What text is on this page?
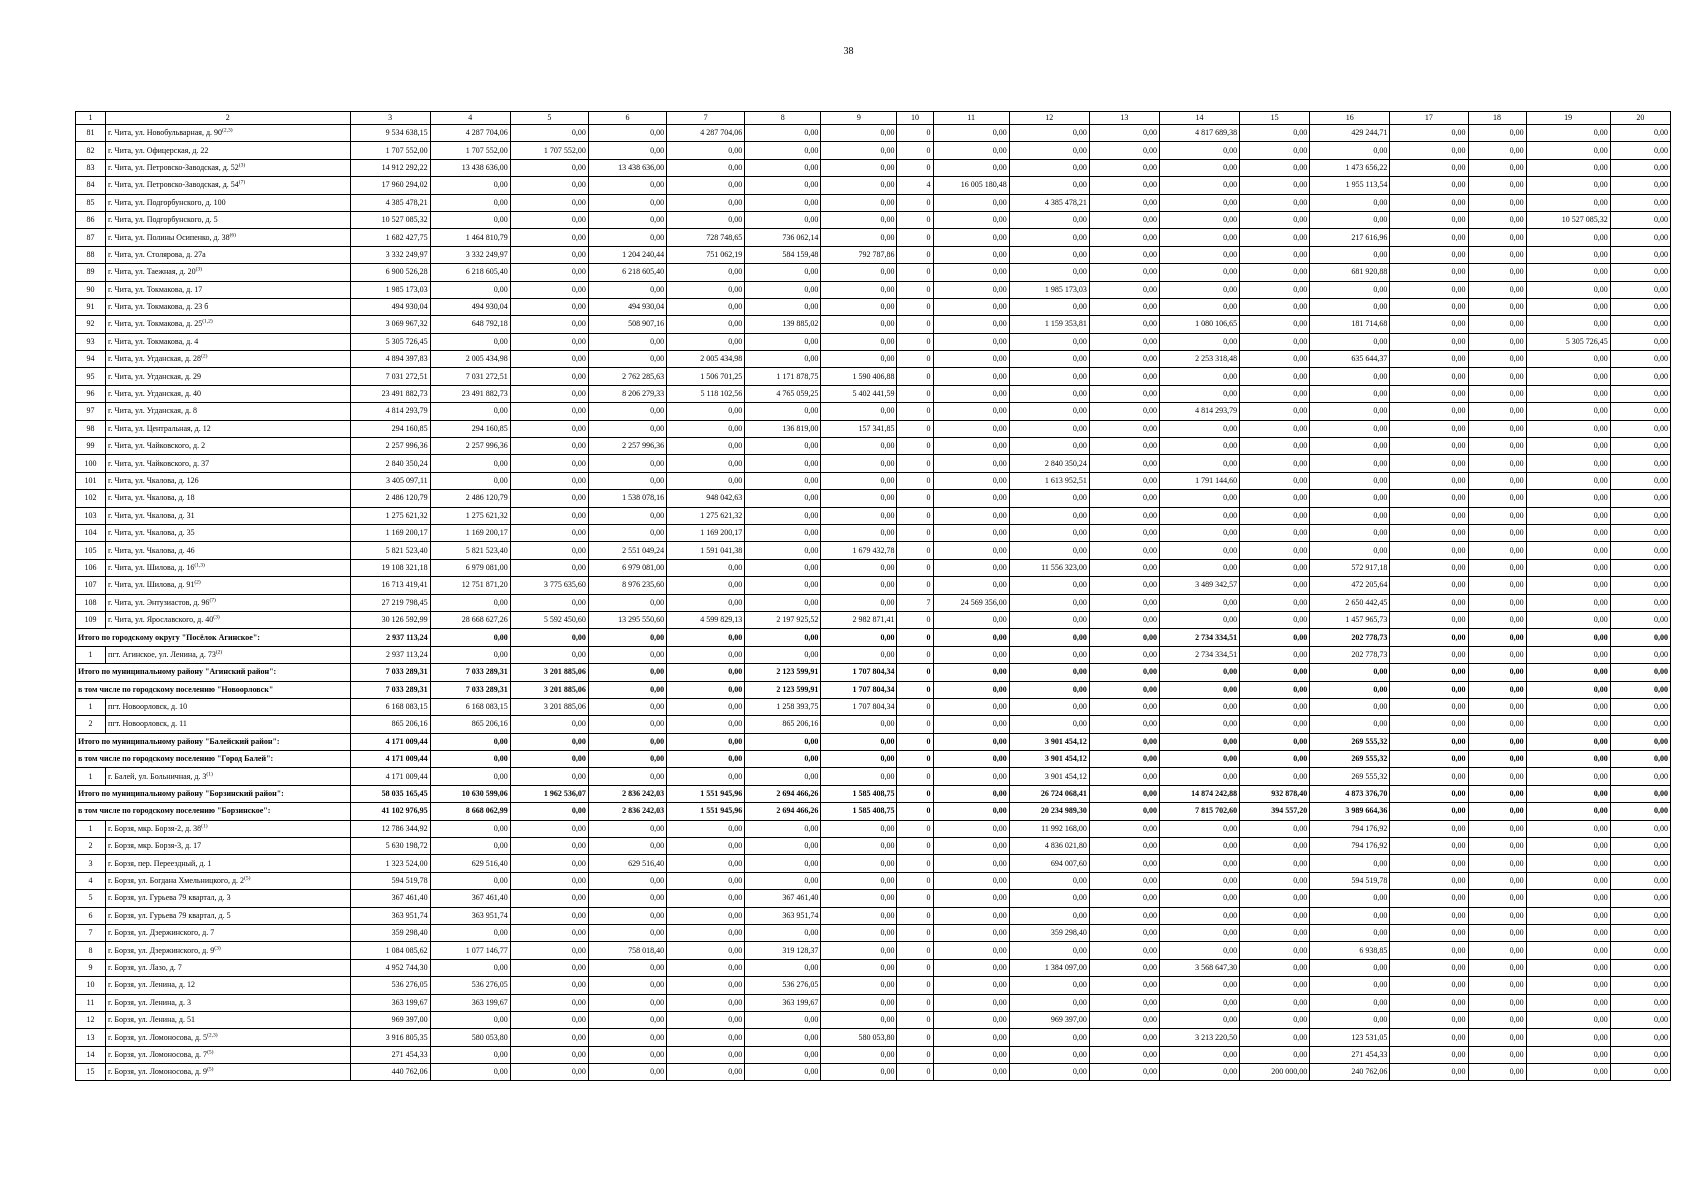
38
1	2	3	4	5	6	7	8	9	10	11	12	13	14	15	16	17	18	19	20
81	г. Чита, ул. Новобульварная, д. 90$^{(2,3)}$	9 534 638,15	4 287 704,06	0,00	0,00	4 287 704,06	0,00	0,00	0	0,00	0,00	0,00	4 817 689,38	0,00	429 244,71	0,00	0,00	0,00	0,00
82	г. Чита, ул. Офицерская, д. 22	1 707 552,00	1 707 552,00	1 707 552,00	0,00	0,00	0,00	0,00	0	0,00	0,00	0,00	0,00	0,00	0,00	0,00	0,00	0,00	0,00
83	г. Чита, ул. Петровско-Заводская, д. 52$^{(3)}$	14 912 292,22	13 438 636,00	0,00	13 438 636,00	0,00	0,00	0,00	0	0,00	0,00	0,00	0,00	0,00	1 473 656,22	0,00	0,00	0,00	0,00
84	г. Чита, ул. Петровско-Заводская, д. 54$^{(7)}$	17 960 294,02	0,00	0,00	0,00	0,00	0,00	0,00	4	16 005 180,48	0,00	0,00	0,00	0,00	1 955 113,54	0,00	0,00	0,00	0,00
85	г. Чита, ул. Подгорбунского, д. 100	4 385 478,21	0,00	0,00	0,00	0,00	0,00	0,00	0	0,00	4 385 478,21	0,00	0,00	0,00	0,00	0,00	0,00	0,00	0,00
86	г. Чита, ул. Подгорбунского, д. 5	10 527 085,32	0,00	0,00	0,00	0,00	0,00	0,00	0	0,00	0,00	0,00	0,00	0,00	0,00	0,00	0,00	10 527 085,32	0,00
87	г. Чита, ул. Полины Осипенко, д. 38$^{(6)}$	1 682 427,75	1 464 810,79	0,00	0,00	728 748,65	736 062,14	0,00	0	0,00	0,00	0,00	0,00	0,00	217 616,96	0,00	0,00	0,00	0,00
88	г. Чита, ул. Столярова, д. 27а	3 332 249,97	3 332 249,97	0,00	1 204 240,44	751 062,19	584 159,48	792 787,86	0	0,00	0,00	0,00	0,00	0,00	0,00	0,00	0,00	0,00	0,00
89	г. Чита, ул. Таежная, д. 20$^{(3)}$	6 900 526,28	6 218 605,40	0,00	6 218 605,40	0,00	0,00	0,00	0	0,00	0,00	0,00	0,00	0,00	681 920,88	0,00	0,00	0,00	0,00
90	г. Чита, ул. Токмакова, д. 17	1 985 173,03	0,00	0,00	0,00	0,00	0,00	0,00	0	0,00	1 985 173,03	0,00	0,00	0,00	0,00	0,00	0,00	0,00	0,00
91	г. Чита, ул. Токмакова, д. 23 б	494 930,04	494 930,04	0,00	494 930,04	0,00	0,00	0,00	0	0,00	0,00	0,00	0,00	0,00	0,00	0,00	0,00	0,00	0,00
92	г. Чита, ул. Токмакова, д. 25$^{(1,2)}$	3 069 967,32	648 792,18	0,00	508 907,16	0,00	139 885,02	0,00	0	0,00	1 159 353,81	0,00	1 080 106,65	0,00	181 714,68	0,00	0,00	0,00	0,00
93	г. Чита, ул. Токмакова, д. 4	5 305 726,45	0,00	0,00	0,00	0,00	0,00	0,00	0	0,00	0,00	0,00	0,00	0,00	0,00	0,00	0,00	5 305 726,45	0,00
94	г. Чита, ул. Угданская, д. 28$^{(2)}$	4 894 397,83	2 005 434,98	0,00	0,00	2 005 434,98	0,00	0,00	0	0,00	0,00	0,00	2 253 318,48	0,00	635 644,37	0,00	0,00	0,00	0,00
95	г. Чита, ул. Угданская, д. 29	7 031 272,51	7 031 272,51	0,00	2 762 285,63	1 506 701,25	1 171 878,75	1 590 406,88	0	0,00	0,00	0,00	0,00	0,00	0,00	0,00	0,00	0,00	0,00
96	г. Чита, ул. Угданская, д. 40	23 491 882,73	23 491 882,73	0,00	8 206 279,33	5 118 102,56	4 765 059,25	5 402 441,59	0	0,00	0,00	0,00	0,00	0,00	0,00	0,00	0,00	0,00	0,00
97	г. Чита, ул. Угданская, д. 8	4 814 293,79	0,00	0,00	0,00	0,00	0,00	0,00	0	0,00	0,00	0,00	4 814 293,79	0,00	0,00	0,00	0,00	0,00	0,00
98	г. Чита, ул. Центральная, д. 12	294 160,85	294 160,85	0,00	0,00	0,00	136 819,00	157 341,85	0	0,00	0,00	0,00	0,00	0,00	0,00	0,00	0,00	0,00	0,00
99	г. Чита, ул. Чайковского, д. 2	2 257 996,36	2 257 996,36	0,00	2 257 996,36	0,00	0,00	0,00	0	0,00	0,00	0,00	0,00	0,00	0,00	0,00	0,00	0,00	0,00
100	г. Чита, ул. Чайковского, д. 37	2 840 350,24	0,00	0,00	0,00	0,00	0,00	0,00	0	0,00	2 840 350,24	0,00	0,00	0,00	0,00	0,00	0,00	0,00	0,00
101	г. Чита, ул. Чкалова, д. 126	3 405 097,11	0,00	0,00	0,00	0,00	0,00	0,00	0	0,00	1 613 952,51	0,00	1 791 144,60	0,00	0,00	0,00	0,00	0,00	0,00
102	г. Чита, ул. Чкалова, д. 18	2 486 120,79	2 486 120,79	0,00	1 538 078,16	948 042,63	0,00	0,00	0	0,00	0,00	0,00	0,00	0,00	0,00	0,00	0,00	0,00	0,00
103	г. Чита, ул. Чкалова, д. 31	1 275 621,32	1 275 621,32	0,00	0,00	1 275 621,32	0,00	0,00	0	0,00	0,00	0,00	0,00	0,00	0,00	0,00	0,00	0,00	0,00
104	г. Чита, ул. Чкалова, д. 35	1 169 200,17	1 169 200,17	0,00	0,00	1 169 200,17	0,00	0,00	0	0,00	0,00	0,00	0,00	0,00	0,00	0,00	0,00	0,00	0,00
105	г. Чита, ул. Чкалова, д. 46	5 821 523,40	5 821 523,40	0,00	2 551 049,24	1 591 041,38	0,00	1 679 432,78	0	0,00	0,00	0,00	0,00	0,00	0,00	0,00	0,00	0,00	0,00
106	г. Чита, ул. Шилова, д. 16$^{(1,3)}$	19 108 321,18	6 979 081,00	0,00	6 979 081,00	0,00	0,00	0,00	0	0,00	11 556 323,00	0,00	0,00	0,00	572 917,18	0,00	0,00	0,00	0,00
107	г. Чита, ул. Шилова, д. 91$^{(2)}$	16 713 419,41	12 751 871,20	3 775 635,60	8 976 235,60	0,00	0,00	0,00	0	0,00	0,00	0,00	3 489 342,57	0,00	472 205,64	0,00	0,00	0,00	0,00
108	г. Чита, ул. Энтузиастов, д. 96$^{(7)}$	27 219 798,45	0,00	0,00	0,00	0,00	0,00	0,00	7	24 569 356,00	0,00	0,00	0,00	0,00	2 650 442,45	0,00	0,00	0,00	0,00
109	г. Чита, ул. Ярославского, д. 40$^{(3)}$	30 126 592,99	28 668 627,26	5 592 450,60	13 295 550,60	4 599 829,13	2 197 925,52	2 982 871,41	0	0,00	0,00	0,00	0,00	0,00	1 457 965,73	0,00	0,00	0,00	0,00
Итого по городскому округу "Посёлок Агинское":		2 937 113,24	0,00	0,00	0,00	0,00	0,00	0,00	0	0,00	0,00	0,00	2 734 334,51	0,00	202 778,73	0,00	0,00	0,00	0,00
1	пгт. Агинское, ул. Ленина, д. 73$^{(2)}$	2 937 113,24	0,00	0,00	0,00	0,00	0,00	0,00	0	0,00	0,00	0,00	2 734 334,51	0,00	202 778,73	0,00	0,00	0,00	0,00
Итого по муниципальному району "Агинский район":		7 033 289,31	7 033 289,31	3 201 885,06	0,00	0,00	2 123 599,91	1 707 804,34	0	0,00	0,00	0,00	0,00	0,00	0,00	0,00	0,00	0,00	0,00
в том числе по городскому поселению "Новоорловск"		7 033 289,31	7 033 289,31	3 201 885,06	0,00	0,00	2 123 599,91	1 707 804,34	0	0,00	0,00	0,00	0,00	0,00	0,00	0,00	0,00	0,00	0,00
1	пгт. Новоорловск, д. 10	6 168 083,15	6 168 083,15	3 201 885,06	0,00	0,00	1 258 393,75	1 707 804,34	0	0,00	0,00	0,00	0,00	0,00	0,00	0,00	0,00	0,00	0,00
2	пгт. Новоорловск, д. 11	865 206,16	865 206,16	0,00	0,00	0,00	865 206,16	0,00	0	0,00	0,00	0,00	0,00	0,00	0,00	0,00	0,00	0,00	0,00
Итого по муниципальному району "Балейский район":		4 171 009,44	0,00	0,00	0,00	0,00	0,00	0,00	0	0,00	3 901 454,12	0,00	0,00	0,00	269 555,32	0,00	0,00	0,00	0,00
в том числе по городскому поселению "Город Балей":		4 171 009,44	0,00	0,00	0,00	0,00	0,00	0,00	0	0,00	3 901 454,12	0,00	0,00	0,00	269 555,32	0,00	0,00	0,00	0,00
1	г. Балей, ул. Больничная, д. 3$^{(1)}$	4 171 009,44	0,00	0,00	0,00	0,00	0,00	0,00	0	0,00	3 901 454,12	0,00	0,00	0,00	269 555,32	0,00	0,00	0,00	0,00
Итого по муниципальному району "Борзинский район":		58 035 165,45	10 630 599,06	1 962 536,07	2 836 242,03	1 551 945,96	2 694 466,26	1 585 408,75	0	0,00	26 724 068,41	0,00	14 874 242,88	932 878,40	4 873 376,70	0,00	0,00	0,00	0,00
в том числе по городскому поселению "Борзинское":		41 102 976,95	8 668 062,99	0,00	2 836 242,03	1 551 945,96	2 694 466,26	1 585 408,75	0	0,00	20 234 989,30	0,00	7 815 702,60	394 557,20	3 989 664,36	0,00	0,00	0,00	0,00
1	г. Борзя, мкр. Борзя-2, д. 38$^{(1)}$	12 786 344,92	0,00	0,00	0,00	0,00	0,00	0,00	0	0,00	11 992 168,00	0,00	0,00	0,00	794 176,92	0,00	0,00	0,00	0,00
2	г. Борзя, мкр. Борзя-3, д. 17	5 630 198,72	0,00	0,00	0,00	0,00	0,00	0,00	0	0,00	4 836 021,80	0,00	0,00	0,00	794 176,92	0,00	0,00	0,00	0,00
3	г. Борзя, пер. Переездный, д. 1	1 323 524,00	629 516,40	0,00	629 516,40	0,00	0,00	0,00	0	0,00	694 007,60	0,00	0,00	0,00	0,00	0,00	0,00	0,00	0,00
4	г. Борзя, ул. Богдана Хмельницкого, д. 2$^{(5)}$	594 519,78	0,00	0,00	0,00	0,00	0,00	0,00	0	0,00	0,00	0,00	0,00	0,00	594 519,78	0,00	0,00	0,00	0,00
5	г. Борзя, ул. Гурьева 79 квартал, д. 3	367 461,40	367 461,40	0,00	0,00	0,00	367 461,40	0,00	0	0,00	0,00	0,00	0,00	0,00	0,00	0,00	0,00	0,00	0,00
6	г. Борзя, ул. Гурьева 79 квартал, д. 5	363 951,74	363 951,74	0,00	0,00	0,00	363 951,74	0,00	0	0,00	0,00	0,00	0,00	0,00	0,00	0,00	0,00	0,00	0,00
7	г. Борзя, ул. Дзержинского, д. 7	359 298,40	0,00	0,00	0,00	0,00	0,00	0,00	0	0,00	359 298,40	0,00	0,00	0,00	0,00	0,00	0,00	0,00	0,00
8	г. Борзя, ул. Дзержинского, д. 9$^{(3)}$	1 084 085,62	1 077 146,77	0,00	758 018,40	0,00	319 128,37	0,00	0	0,00	0,00	0,00	0,00	0,00	6 938,85	0,00	0,00	0,00	0,00
9	г. Борзя, ул. Лазо, д. 7	4 952 744,30	0,00	0,00	0,00	0,00	0,00	0,00	0	0,00	1 384 097,00	0,00	3 568 647,30	0,00	0,00	0,00	0,00	0,00	0,00
10	г. Борзя, ул. Ленина, д. 12	536 276,05	536 276,05	0,00	0,00	0,00	536 276,05	0,00	0	0,00	0,00	0,00	0,00	0,00	0,00	0,00	0,00	0,00	0,00
11	г. Борзя, ул. Ленина, д. 3	363 199,67	363 199,67	0,00	0,00	0,00	363 199,67	0,00	0	0,00	0,00	0,00	0,00	0,00	0,00	0,00	0,00	0,00	0,00
12	г. Борзя, ул. Ленина, д. 51	969 397,00	0,00	0,00	0,00	0,00	0,00	0,00	0	0,00	969 397,00	0,00	0,00	0,00	0,00	0,00	0,00	0,00	0,00
13	г. Борзя, ул. Ломоносова, д. 5$^{(2,3)}$	3 916 805,35	580 053,80	0,00	0,00	0,00	0,00	580 053,80	0	0,00	0,00	0,00	3 213 220,50	0,00	123 531,05	0,00	0,00	0,00	0,00
14	г. Борзя, ул. Ломоносова, д. 7$^{(5)}$	271 454,33	0,00	0,00	0,00	0,00	0,00	0,00	0	0,00	0,00	0,00	0,00	0,00	271 454,33	0,00	0,00	0,00	0,00
15	г. Борзя, ул. Ломоносова, д. 9$^{(5)}$	440 762,06	0,00	0,00	0,00	0,00	0,00	0,00	0	0,00	0,00	0,00	0,00	200 000,00	240 762,06	0,00	0,00	0,00	0,00
